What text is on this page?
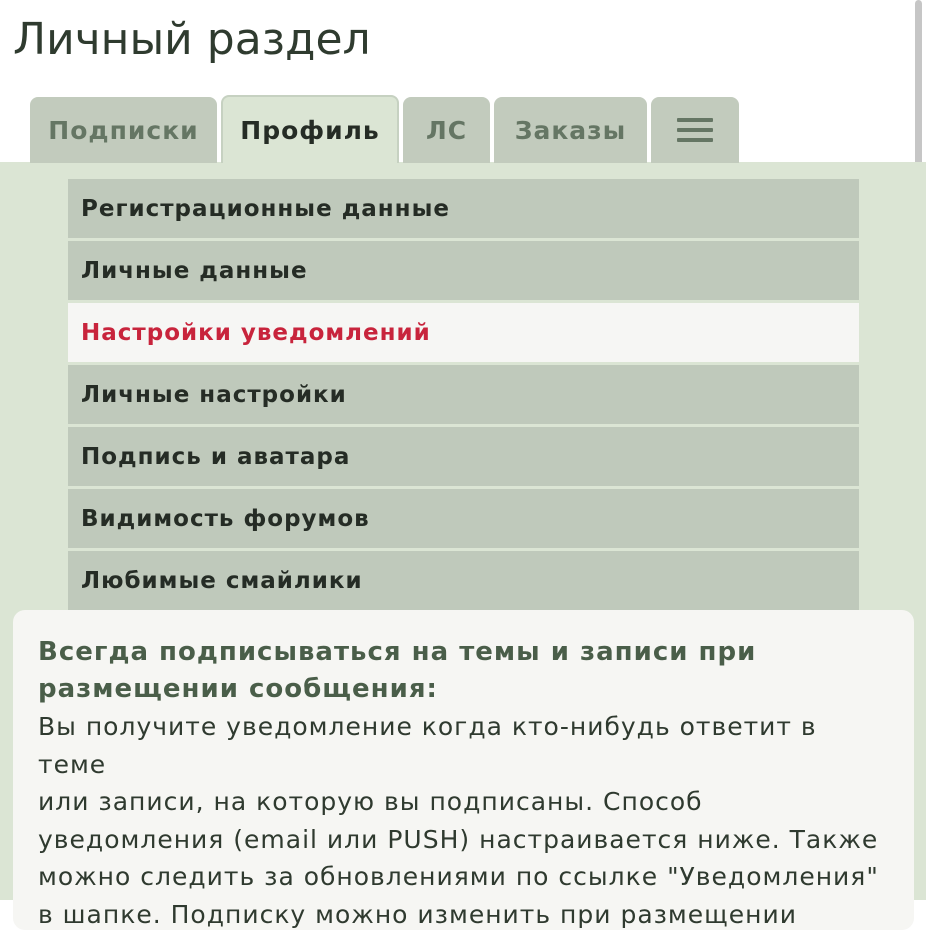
Личный раздел
Подписки Профиль ЛС Заказы
Регистрационные данные
Личные данные
Настройки уведомлений
Личные настройки
Подпись и аватара
Видимость форумов
Любимые смайлики
Всегда подписываться на темы и записи при
размещении сообщения:
Вы получите уведомление когда кто-нибудь ответит в теме
или записи, на которую вы подписаны. Способ
уведомления (email или PUSH) настраивается ниже. Также
можно следить за обновлениями по ссылке "Уведомления"
в шапке. Подписку можно изменить при размещении
